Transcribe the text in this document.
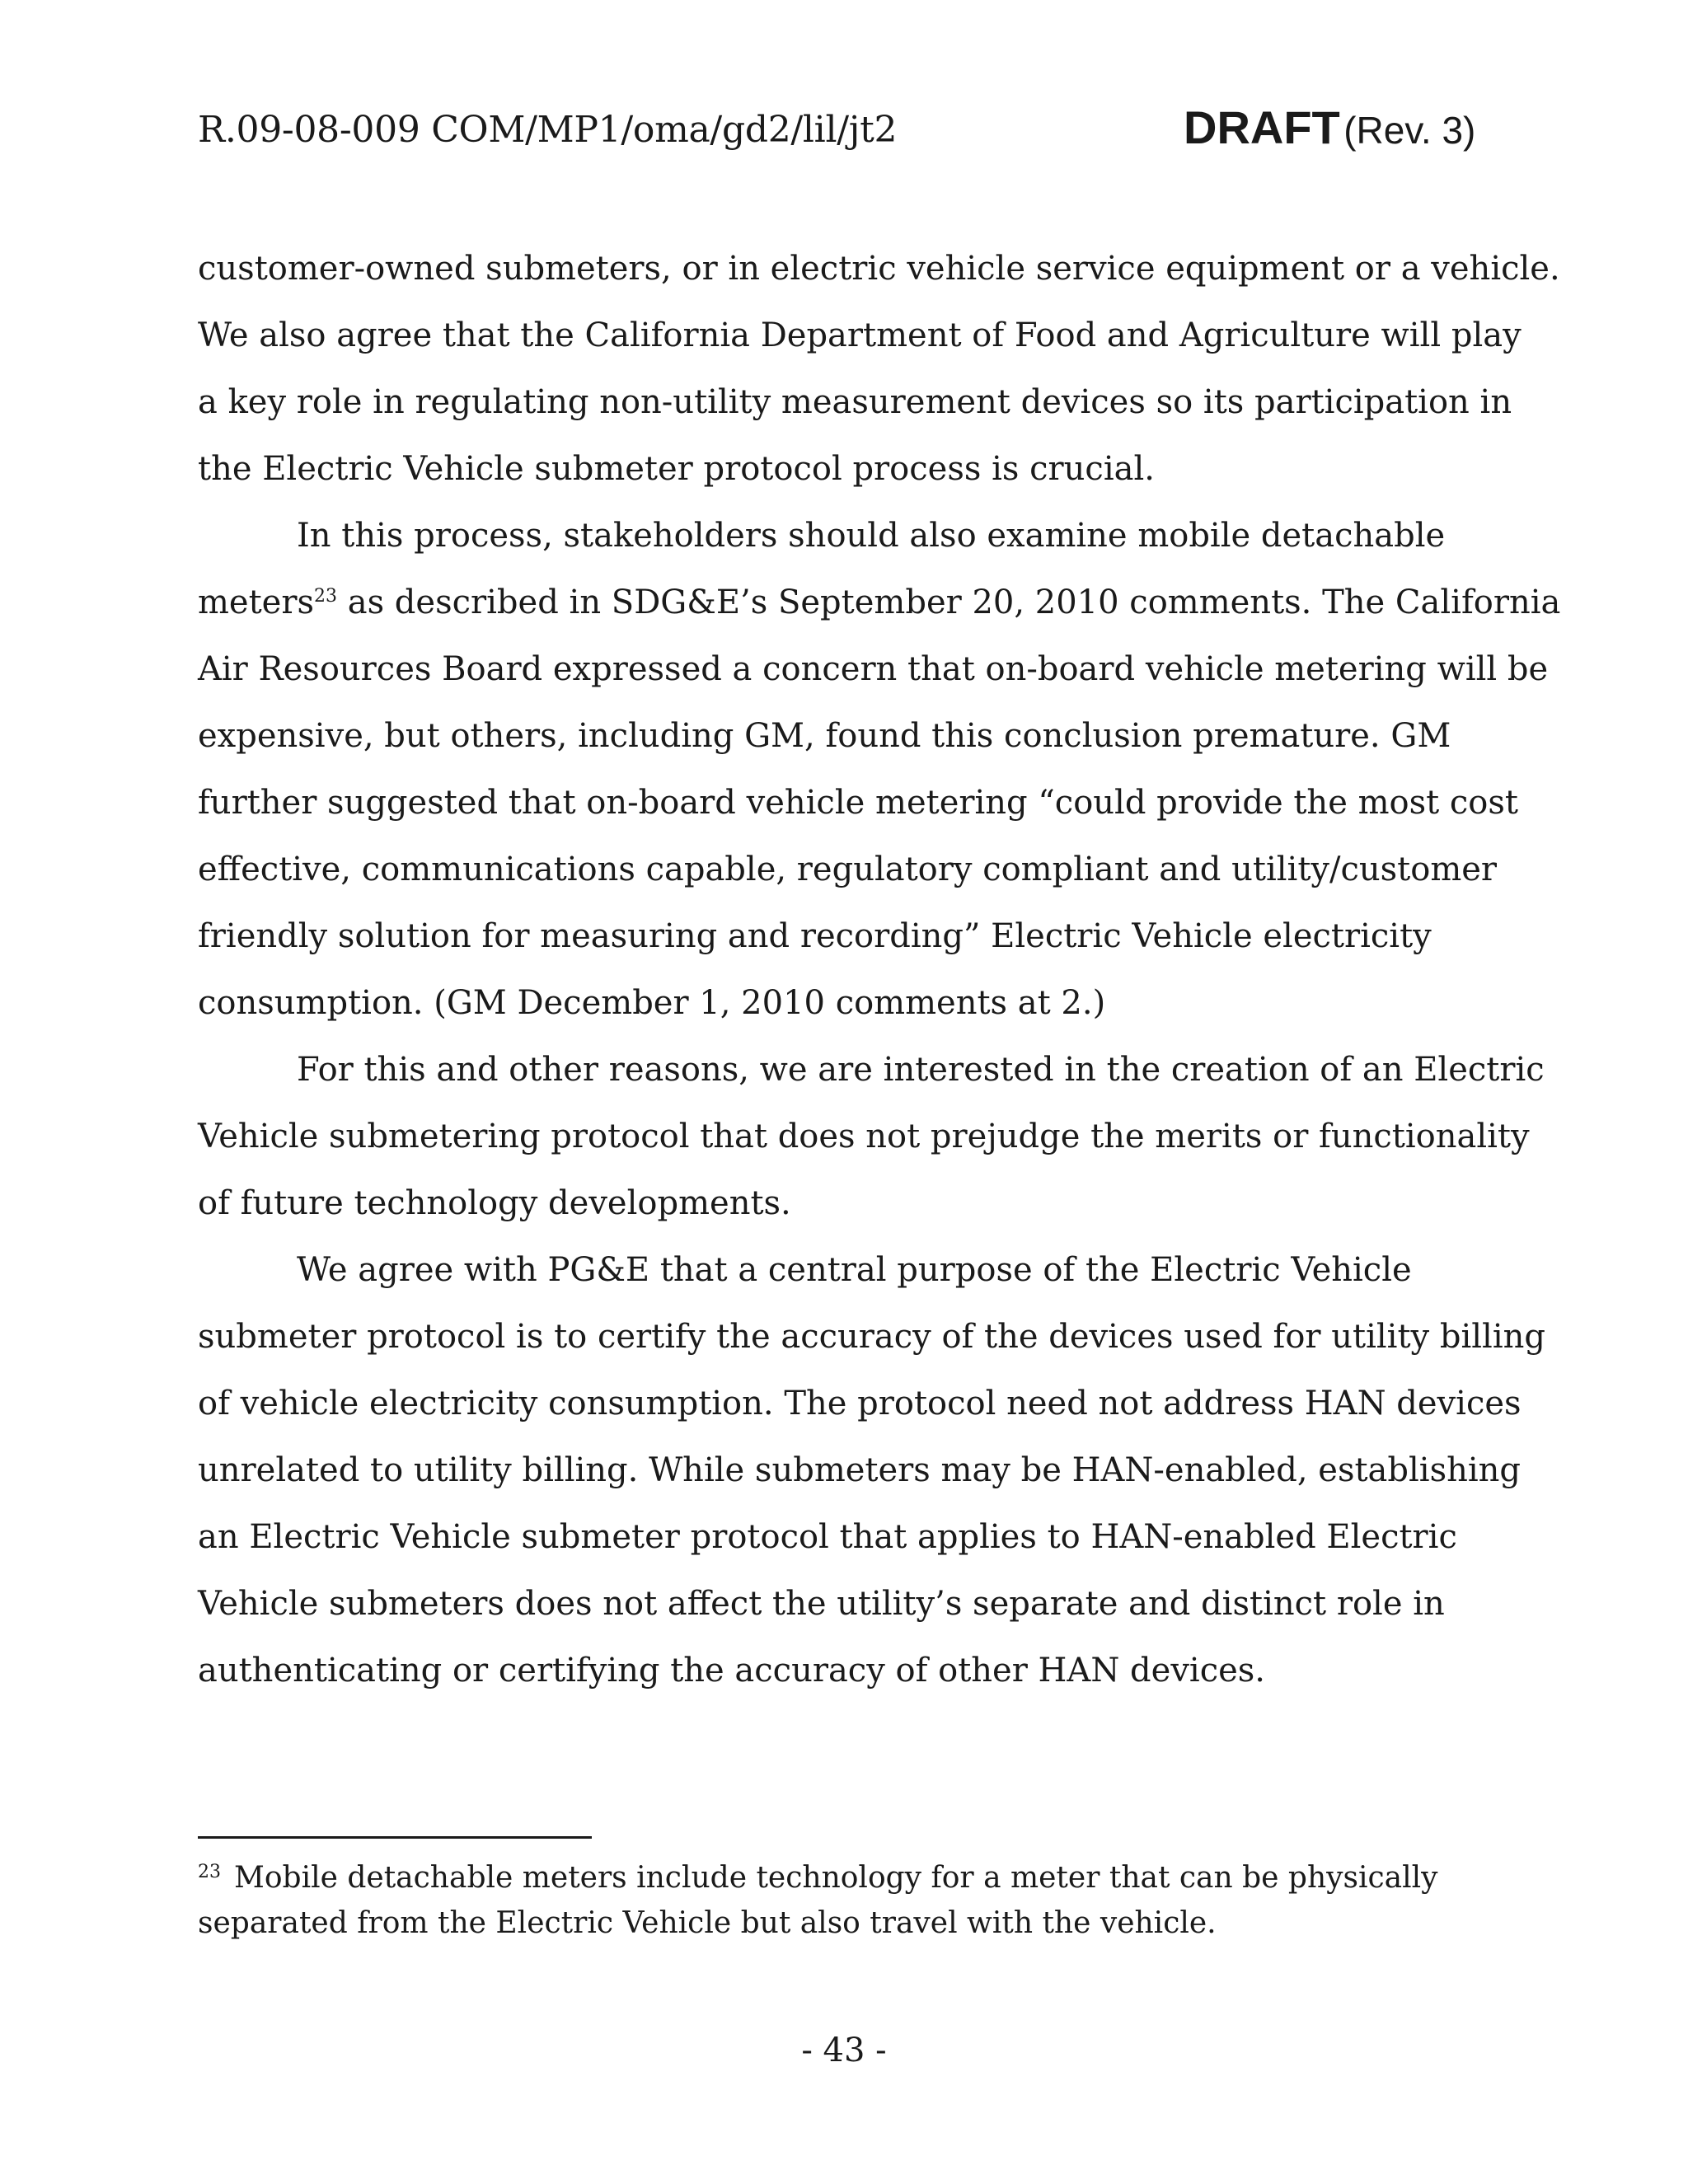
R.09-08-009 COM/MP1/oma/gd2/lil/jt2	DRAFT (Rev. 3)
customer-owned submeters, or in electric vehicle service equipment or a vehicle.
We also agree that the California Department of Food and Agriculture will play
a key role in regulating non-utility measurement devices so its participation in
the Electric Vehicle submeter protocol process is crucial.
In this process, stakeholders should also examine mobile detachable
meters$^{23}$ as described in SDG&E’s September 20, 2010 comments. The California
Air Resources Board expressed a concern that on-board vehicle metering will be
expensive, but others, including GM, found this conclusion premature. GM
further suggested that on-board vehicle metering “could provide the most cost
effective, communications capable, regulatory compliant and utility/customer
friendly solution for measuring and recording” Electric Vehicle electricity
consumption. (GM December 1, 2010 comments at 2.)
For this and other reasons, we are interested in the creation of an Electric
Vehicle submetering protocol that does not prejudge the merits or functionality
of future technology developments.
We agree with PG&E that a central purpose of the Electric Vehicle
submeter protocol is to certify the accuracy of the devices used for utility billing
of vehicle electricity consumption. The protocol need not address HAN devices
unrelated to utility billing. While submeters may be HAN-enabled, establishing
an Electric Vehicle submeter protocol that applies to HAN-enabled Electric
Vehicle submeters does not affect the utility’s separate and distinct role in
authenticating or certifying the accuracy of other HAN devices.
$^{23}$ Mobile detachable meters include technology for a meter that can be physically
separated from the Electric Vehicle but also travel with the vehicle.
- 43 -
